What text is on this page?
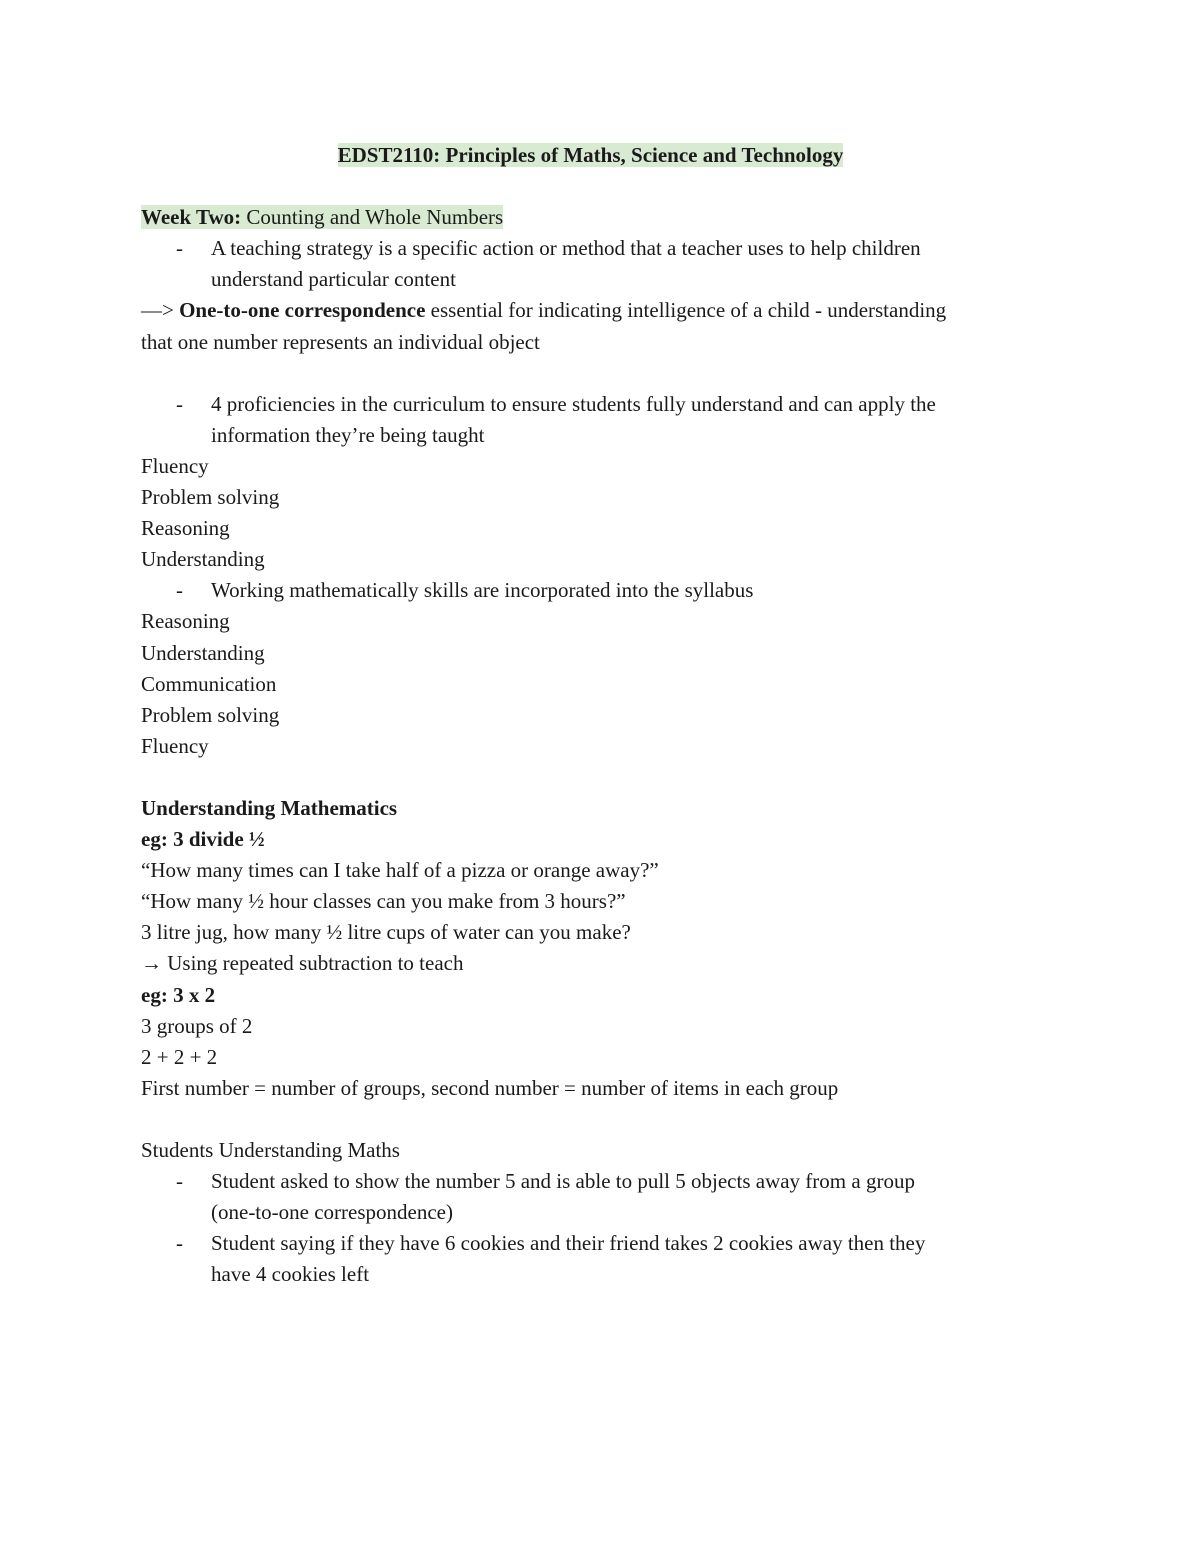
EDST2110: Principles of Maths, Science and Technology
Week Two: Counting and Whole Numbers
- A teaching strategy is a specific action or method that a teacher uses to help children
understand particular content
—> One-to-one correspondence essential for indicating intelligence of a child - understanding
that one number represents an individual object
- 4 proficiencies in the curriculum to ensure students fully understand and can apply the
information they’re being taught
Fluency
Problem solving
Reasoning
Understanding
- Working mathematically skills are incorporated into the syllabus
Reasoning
Understanding
Communication
Problem solving
Fluency
Understanding Mathematics
eg: 3 divide ½
“How many times can I take half of a pizza or orange away?”
“How many ½ hour classes can you make from 3 hours?”
3 litre jug, how many ½ litre cups of water can you make?
→ Using repeated subtraction to teach
eg: 3 x 2
3 groups of 2
2 + 2 + 2
First number = number of groups, second number = number of items in each group
Students Understanding Maths
- Student asked to show the number 5 and is able to pull 5 objects away from a group
(one-to-one correspondence)
- Student saying if they have 6 cookies and their friend takes 2 cookies away then they
have 4 cookies left
